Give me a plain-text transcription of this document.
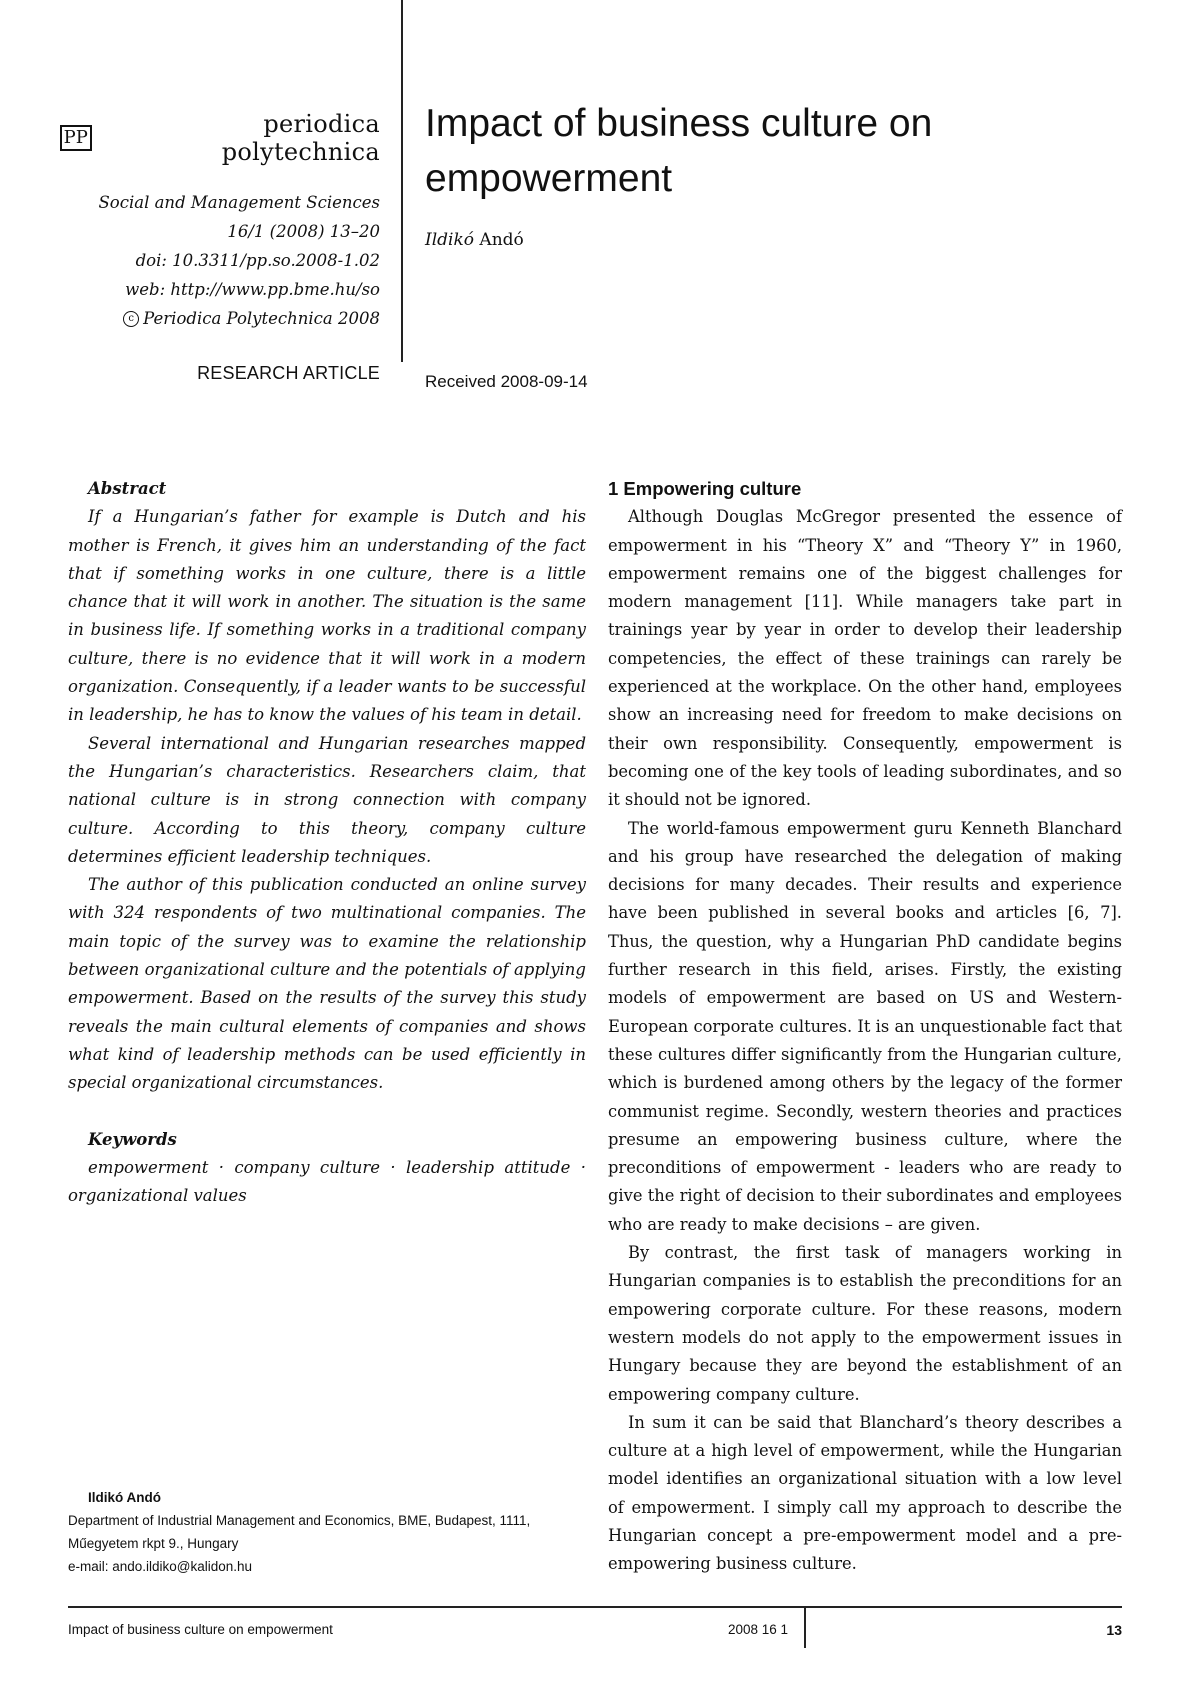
PP	periodica polytechnica
Social and Management Sciences
16/1 (2008) 13–20
doi: 10.3311/pp.so.2008-1.02
web: http://www.pp.bme.hu/so
c Periodica Polytechnica 2008
RESEARCH ARTICLE
Impact of business culture on empowerment
Ildikó Andó
Received 2008-09-14
Abstract

If a Hungarian’s father for example is Dutch and his mother is French, it gives him an understanding of the fact that if something works in one culture, there is a little chance that it will work in another. The situation is the same in business life. If something works in a traditional company culture, there is no evidence that it will work in a modern organization. Consequently, if a leader wants to be successful in leadership, he has to know the values of his team in detail.

Several international and Hungarian researches mapped the Hungarian’s characteristics. Researchers claim, that national culture is in strong connection with company culture. According to this theory, company culture determines efficient leadership techniques.

The author of this publication conducted an online survey with 324 respondents of two multinational companies. The main topic of the survey was to examine the relationship between organizational culture and the potentials of applying empowerment. Based on the results of the survey this study reveals the main cultural elements of companies and shows what kind of leadership methods can be used efficiently in special organizational circumstances.

Keywords

empowerment · company culture · leadership attitude · organizational values

Ildikó Andó
Department of Industrial Management and Economics, BME, Budapest, 1111,
Műegyetem rkpt 9., Hungary
e-mail: ando.ildiko@kalidon.hu
1 Empowering culture

Although Douglas McGregor presented the essence of empowerment in his “Theory X” and “Theory Y” in 1960, empowerment remains one of the biggest challenges for modern management [11]. While managers take part in trainings year by year in order to develop their leadership competencies, the effect of these trainings can rarely be experienced at the workplace. On the other hand, employees show an increasing need for freedom to make decisions on their own responsibility. Consequently, empowerment is becoming one of the key tools of leading subordinates, and so it should not be ignored.

The world-famous empowerment guru Kenneth Blanchard and his group have researched the delegation of making decisions for many decades. Their results and experience have been published in several books and articles [6, 7]. Thus, the question, why a Hungarian PhD candidate begins further research in this field, arises. Firstly, the existing models of empowerment are based on US and Western-European corporate cultures. It is an unquestionable fact that these cultures differ significantly from the Hungarian culture, which is burdened among others by the legacy of the former communist regime. Secondly, western theories and practices presume an empowering business culture, where the preconditions of empowerment - leaders who are ready to give the right of decision to their subordinates and employees who are ready to make decisions – are given.

By contrast, the first task of managers working in Hungarian companies is to establish the preconditions for an empowering corporate culture. For these reasons, modern western models do not apply to the empowerment issues in Hungary because they are beyond the establishment of an empowering company culture.

In sum it can be said that Blanchard’s theory describes a culture at a high level of empowerment, while the Hungarian model identifies an organizational situation with a low level of empowerment. I simply call my approach to describe the Hungarian concept a pre-empowerment model and a pre-empowering business culture.

Impact of business culture on empowerment	2008 16 1	13
